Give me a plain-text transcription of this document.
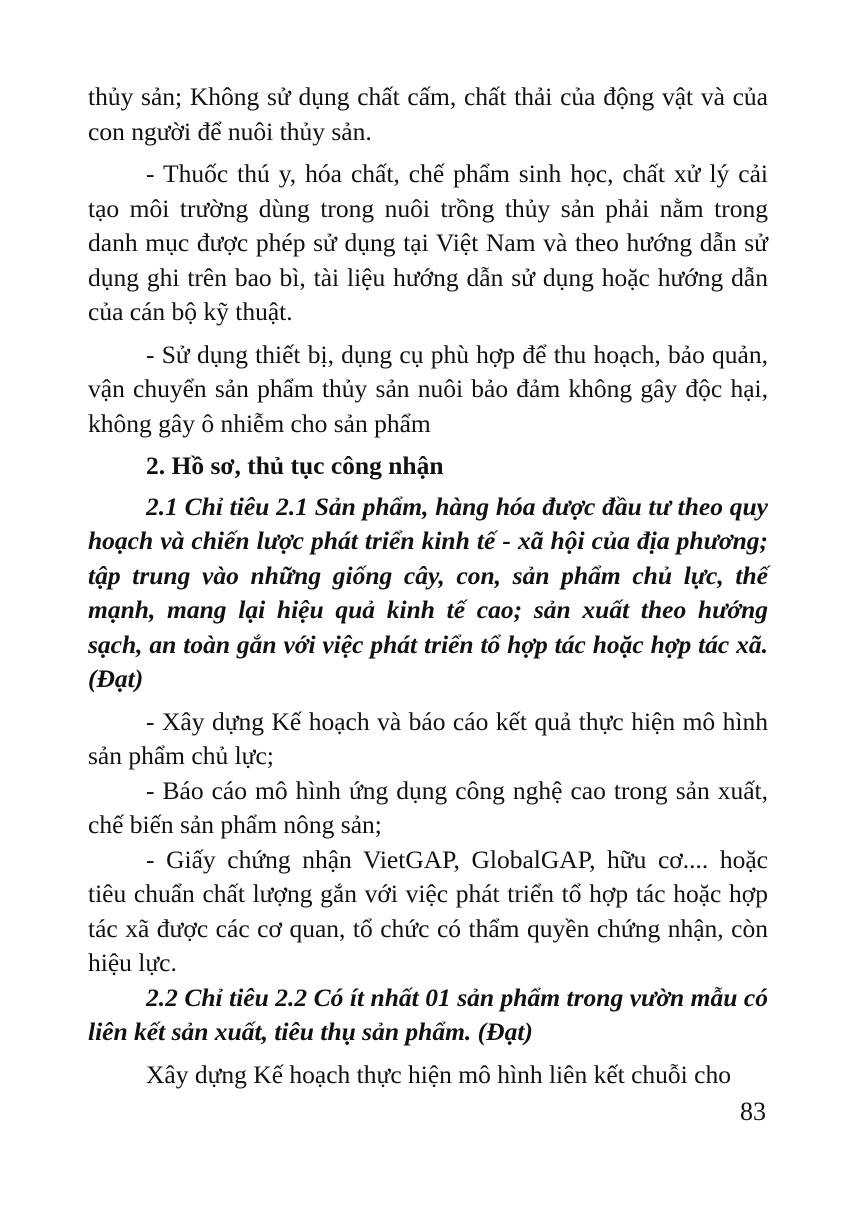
thủy sản; Không sử dụng chất cấm, chất thải của động vật và của con người để nuôi thủy sản.

- Thuốc thú y, hóa chất, chế phẩm sinh học, chất xử lý cải tạo môi trường dùng trong nuôi trồng thủy sản phải nằm trong danh mục được phép sử dụng tại Việt Nam và theo hướng dẫn sử dụng ghi trên bao bì, tài liệu hướng dẫn sử dụng hoặc hướng dẫn của cán bộ kỹ thuật.

- Sử dụng thiết bị, dụng cụ phù hợp để thu hoạch, bảo quản, vận chuyển sản phẩm thủy sản nuôi bảo đảm không gây độc hại, không gây ô nhiễm cho sản phẩm

2. Hồ sơ, thủ tục công nhận

2.1 Chỉ tiêu 2.1 Sản phẩm, hàng hóa được đầu tư theo quy hoạch và chiến lược phát triển kinh tế - xã hội của địa phương; tập trung vào những giống cây, con, sản phẩm chủ lực, thế mạnh, mang lại hiệu quả kinh tế cao; sản xuất theo hướng sạch, an toàn gắn với việc phát triển tổ hợp tác hoặc hợp tác xã. (Đạt)

- Xây dựng Kế hoạch và báo cáo kết quả thực hiện mô hình sản phẩm chủ lực;

- Báo cáo mô hình ứng dụng công nghệ cao trong sản xuất, chế biến sản phẩm nông sản;

- Giấy chứng nhận VietGAP, GlobalGAP, hữu cơ.... hoặc tiêu chuẩn chất lượng gắn với việc phát triển tổ hợp tác hoặc hợp tác xã được các cơ quan, tổ chức có thẩm quyền chứng nhận, còn hiệu lực.

2.2 Chỉ tiêu 2.2 Có ít nhất 01 sản phẩm trong vườn mẫu có liên kết sản xuất, tiêu thụ sản phẩm. (Đạt)

Xây dựng Kế hoạch thực hiện mô hình liên kết chuỗi cho

83
